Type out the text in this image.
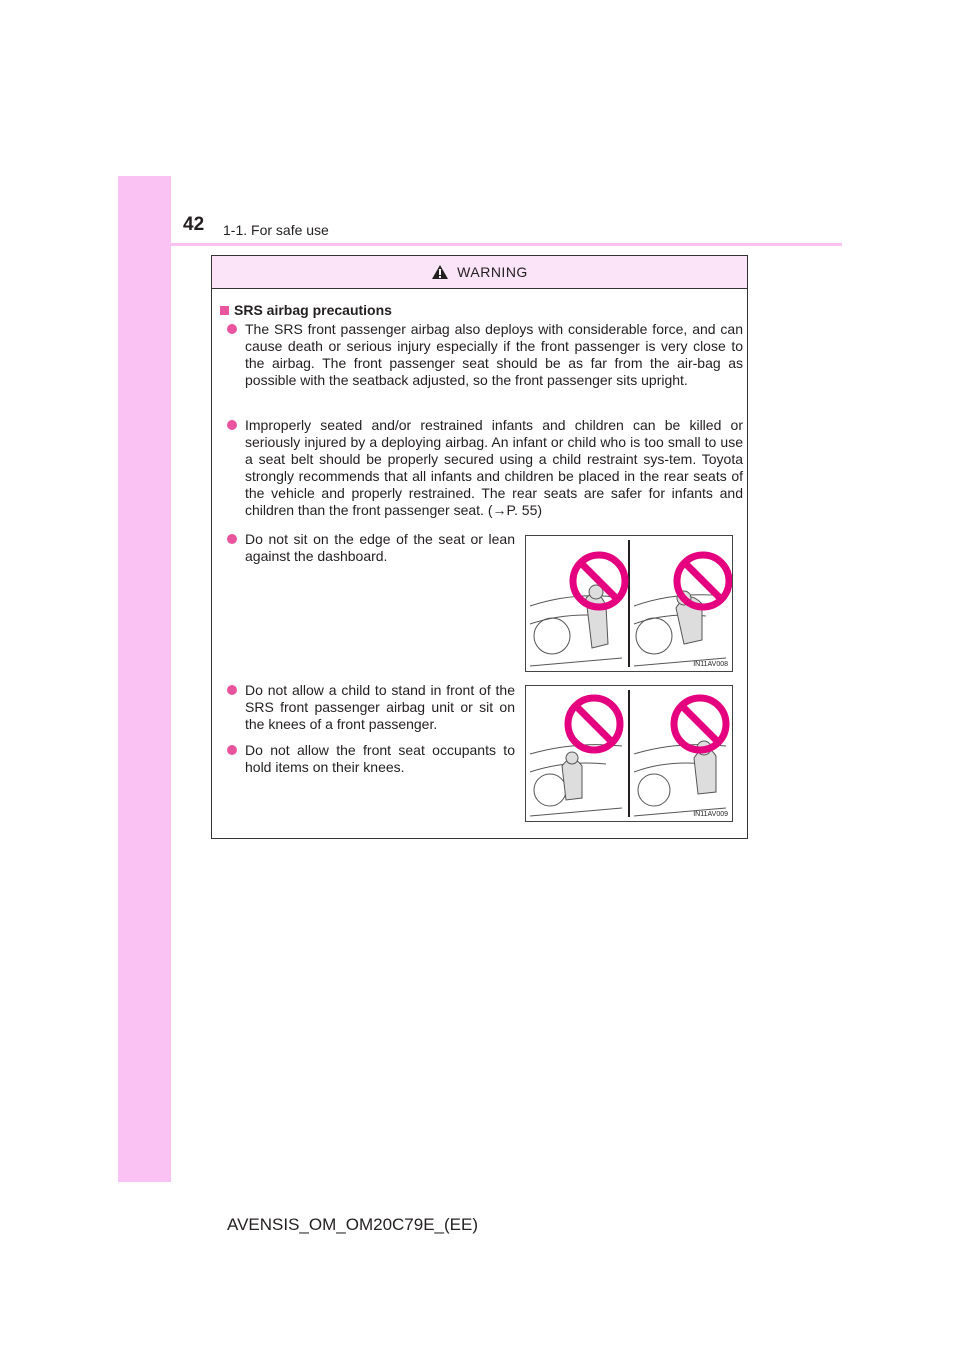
42 1-1. For safe use
WARNING
SRS airbag precautions
The SRS front passenger airbag also deploys with considerable force, and can cause death or serious injury especially if the front passenger is very close to the airbag. The front passenger seat should be as far from the air-bag as possible with the seatback adjusted, so the front passenger sits upright.
Improperly seated and/or restrained infants and children can be killed or seriously injured by a deploying airbag. An infant or child who is too small to use a seat belt should be properly secured using a child restraint sys-tem. Toyota strongly recommends that all infants and children be placed in the rear seats of the vehicle and properly restrained. The rear seats are safer for infants and children than the front passenger seat. (→P. 55)
Do not sit on the edge of the seat or lean against the dashboard.
Do not allow a child to stand in front of the SRS front passenger airbag unit or sit on the knees of a front passenger.
Do not allow the front seat occupants to hold items on their knees.
IN11AV008
IN11AV009
AVENSIS_OM_OM20C79E_(EE)
